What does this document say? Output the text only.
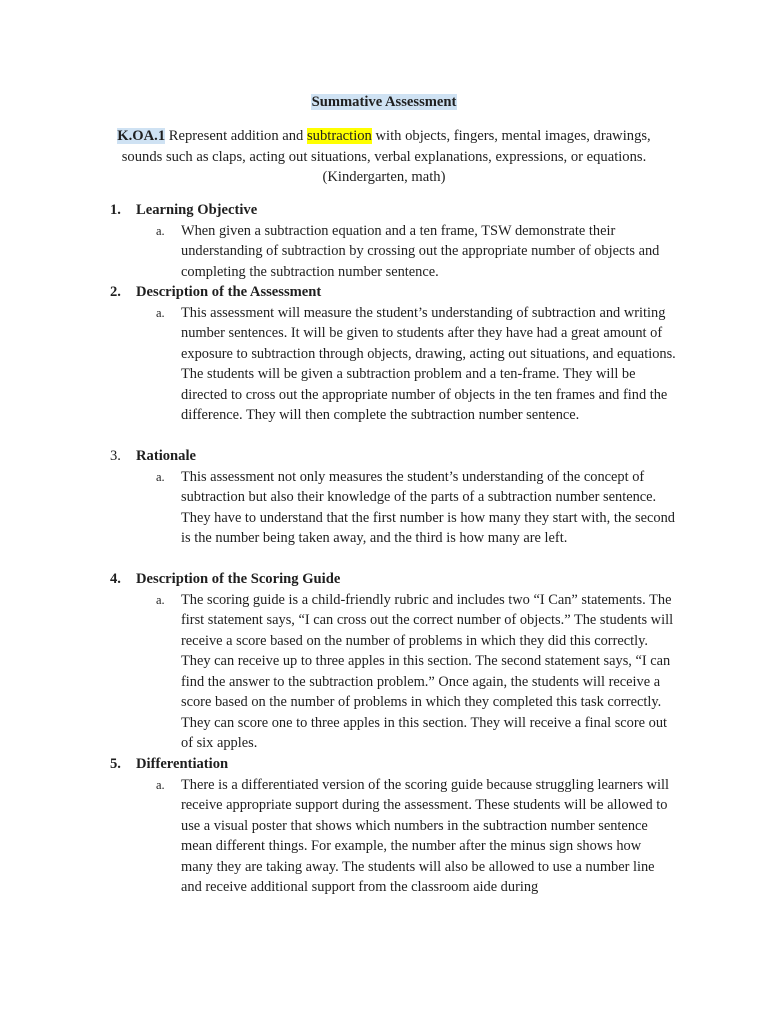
Summative Assessment
K.OA.1 Represent addition and subtraction with objects, fingers, mental images, drawings, sounds such as claps, acting out situations, verbal explanations, expressions, or equations.
(Kindergarten, math)
1. Learning Objective
a. When given a subtraction equation and a ten frame, TSW demonstrate their understanding of subtraction by crossing out the appropriate number of objects and completing the subtraction number sentence.
2. Description of the Assessment
a. This assessment will measure the student’s understanding of subtraction and writing number sentences. It will be given to students after they have had a great amount of exposure to subtraction through objects, drawing, acting out situations, and equations. The students will be given a subtraction problem and a ten-frame. They will be directed to cross out the appropriate number of objects in the ten frames and find the difference. They will then complete the subtraction number sentence.
3. Rationale
a. This assessment not only measures the student’s understanding of the concept of subtraction but also their knowledge of the parts of a subtraction number sentence. They have to understand that the first number is how many they start with, the second is the number being taken away, and the third is how many are left.
4. Description of the Scoring Guide
a. The scoring guide is a child-friendly rubric and includes two “I Can” statements. The first statement says, “I can cross out the correct number of objects.” The students will receive a score based on the number of problems in which they did this correctly. They can receive up to three apples in this section. The second statement says, “I can find the answer to the subtraction problem.” Once again, the students will receive a score based on the number of problems in which they completed this task correctly. They can score one to three apples in this section. They will receive a final score out of six apples.
5. Differentiation
a. There is a differentiated version of the scoring guide because struggling learners will receive appropriate support during the assessment. These students will be allowed to use a visual poster that shows which numbers in the subtraction number sentence mean different things. For example, the number after the minus sign shows how many they are taking away. The students will also be allowed to use a number line and receive additional support from the classroom aide during
